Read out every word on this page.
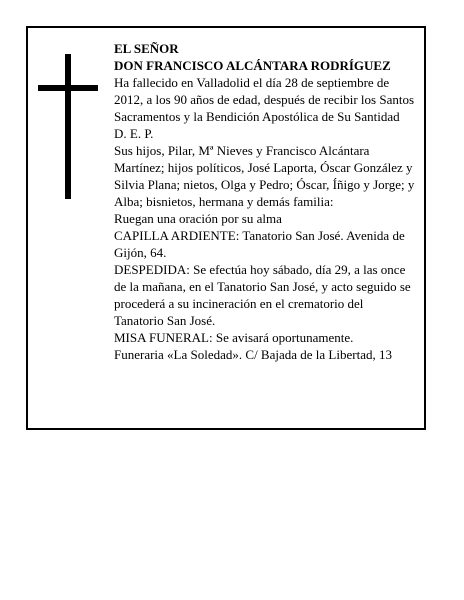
EL SEÑOR
DON FRANCISCO ALCÁNTARA RODRÍGUEZ
Ha fallecido en Valladolid el día 28 de septiembre de 2012, a los 90 años de edad, después de recibir los Santos Sacramentos y la Bendición Apostólica de Su Santidad
D. E. P.
Sus hijos, Pilar, Mª Nieves y Francisco Alcántara Martínez; hijos políticos, José Laporta, Óscar González y Silvia Plana; nietos, Olga y Pedro; Óscar, Íñigo y Jorge; y Alba; bisnietos, hermana y demás familia:
Ruegan una oración por su alma
CAPILLA ARDIENTE: Tanatorio San José. Avenida de Gijón, 64.
DESPEDIDA: Se efectúa hoy sábado, día 29, a las once de la mañana, en el Tanatorio San José, y acto seguido se procederá a su incineración en el crematorio del Tanatorio San José.
MISA FUNERAL: Se avisará oportunamente.
Funeraria «La Soledad». C/ Bajada de la Libertad, 13
